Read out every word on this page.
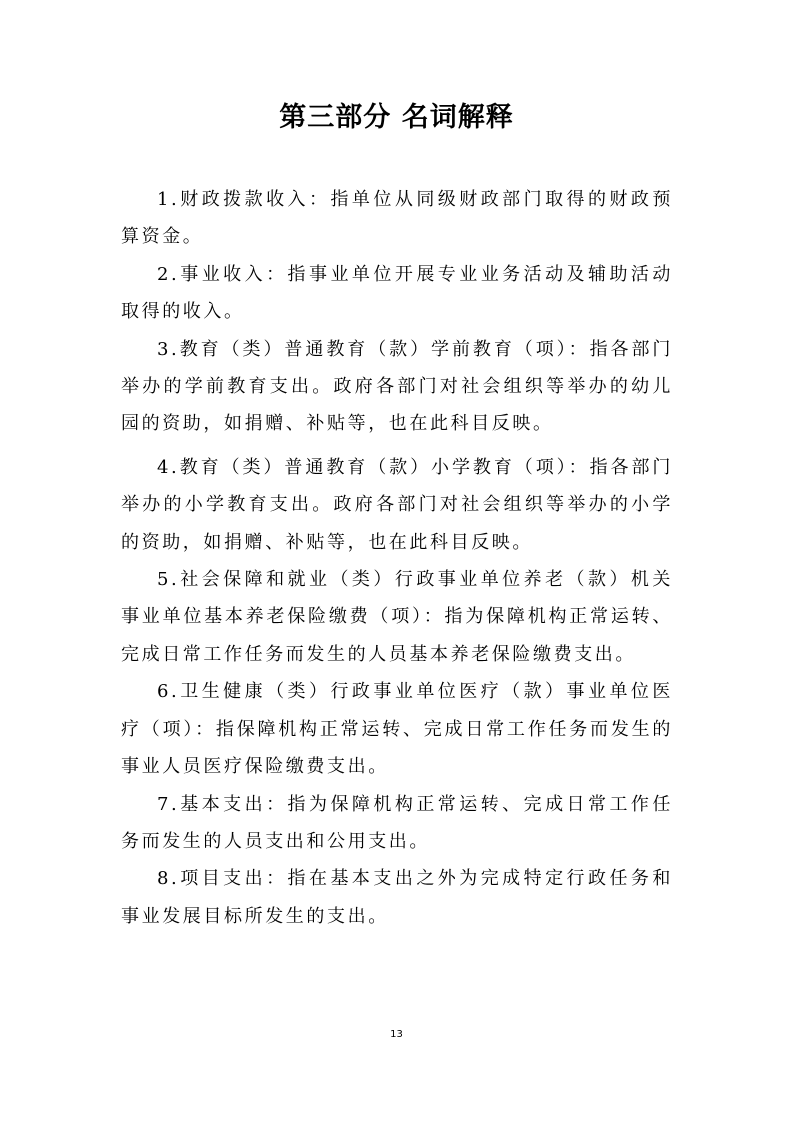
第三部分 名词解释

1.财政拨款收入：指单位从同级财政部门取得的财政预算资金。

2.事业收入：指事业单位开展专业业务活动及辅助活动取得的收入。

3.教育（类）普通教育（款）学前教育（项）：指各部门举办的学前教育支出。政府各部门对社会组织等举办的幼儿园的资助，如捐赠、补贴等，也在此科目反映。

4.教育（类）普通教育（款）小学教育（项）：指各部门举办的小学教育支出。政府各部门对社会组织等举办的小学的资助，如捐赠、补贴等，也在此科目反映。

5.社会保障和就业（类）行政事业单位养老（款）机关事业单位基本养老保险缴费（项）：指为保障机构正常运转、完成日常工作任务而发生的人员基本养老保险缴费支出。

6.卫生健康（类）行政事业单位医疗（款）事业单位医疗（项）：指保障机构正常运转、完成日常工作任务而发生的事业人员医疗保险缴费支出。

7.基本支出：指为保障机构正常运转、完成日常工作任务而发生的人员支出和公用支出。

8.项目支出：指在基本支出之外为完成特定行政任务和事业发展目标所发生的支出。

13
